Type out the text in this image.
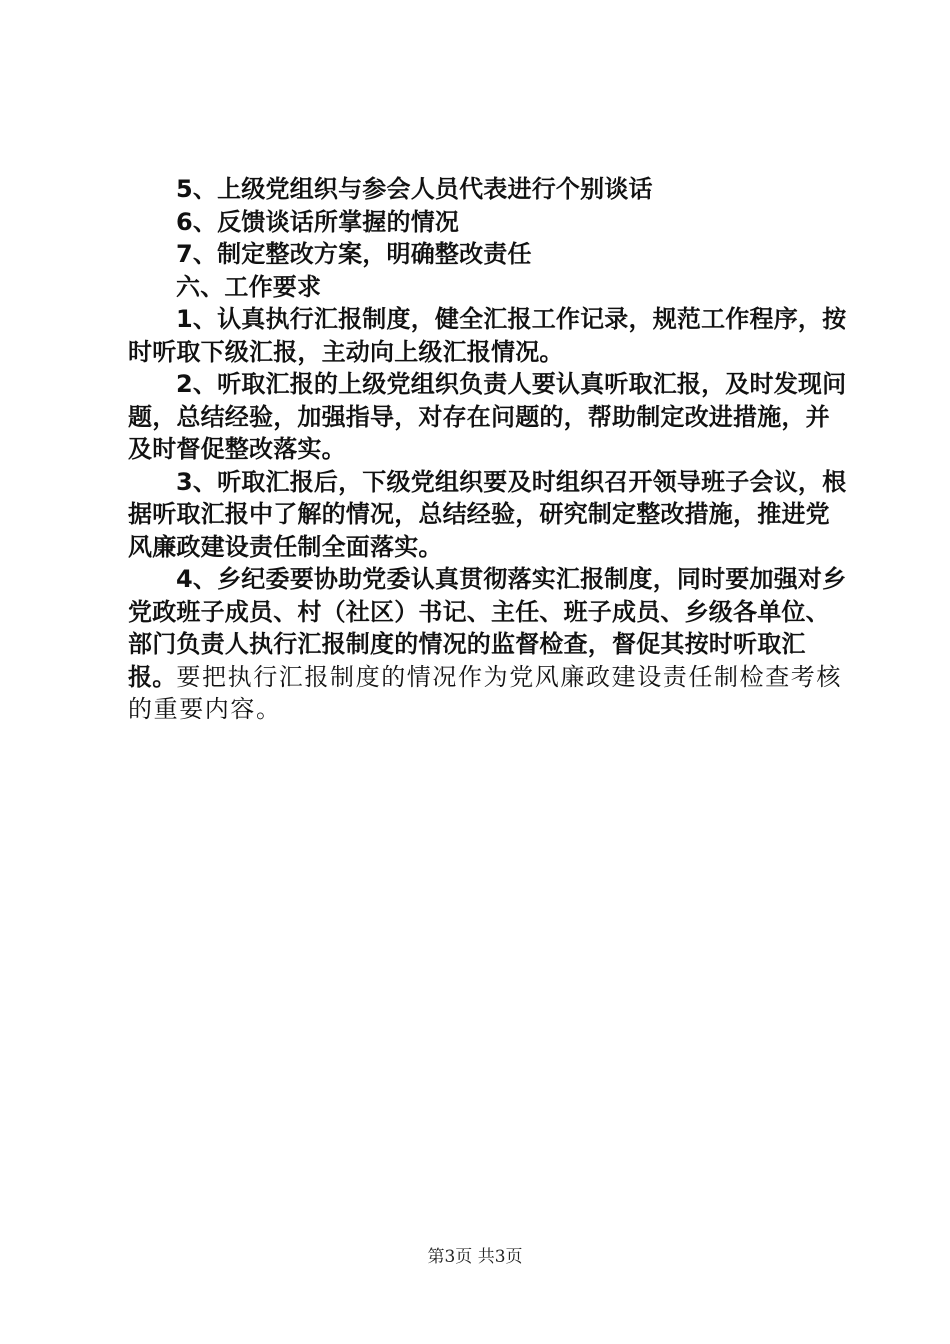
5、上级党组织与参会人员代表进行个别谈话

6、反馈谈话所掌握的情况

7、制定整改方案，明确整改责任

六、工作要求

1、认真执行汇报制度，健全汇报工作记录，规范工作程序，按时听取下级汇报，主动向上级汇报情况。

2、听取汇报的上级党组织负责人要认真听取汇报，及时发现问题，总结经验，加强指导，对存在问题的，帮助制定改进措施，并及时督促整改落实。

3、听取汇报后，下级党组织要及时组织召开领导班子会议，根据听取汇报中了解的情况，总结经验，研究制定整改措施，推进党风廉政建设责任制全面落实。

4、乡纪委要协助党委认真贯彻落实汇报制度，同时要加强对乡党政班子成员、村（社区）书记、主任、班子成员、乡级各单位、部门负责人执行汇报制度的情况的监督检查，督促其按时听取汇报。要把执行汇报制度的情况作为党风廉政建设责任制检查考核的重要内容。

第3页 共3页
